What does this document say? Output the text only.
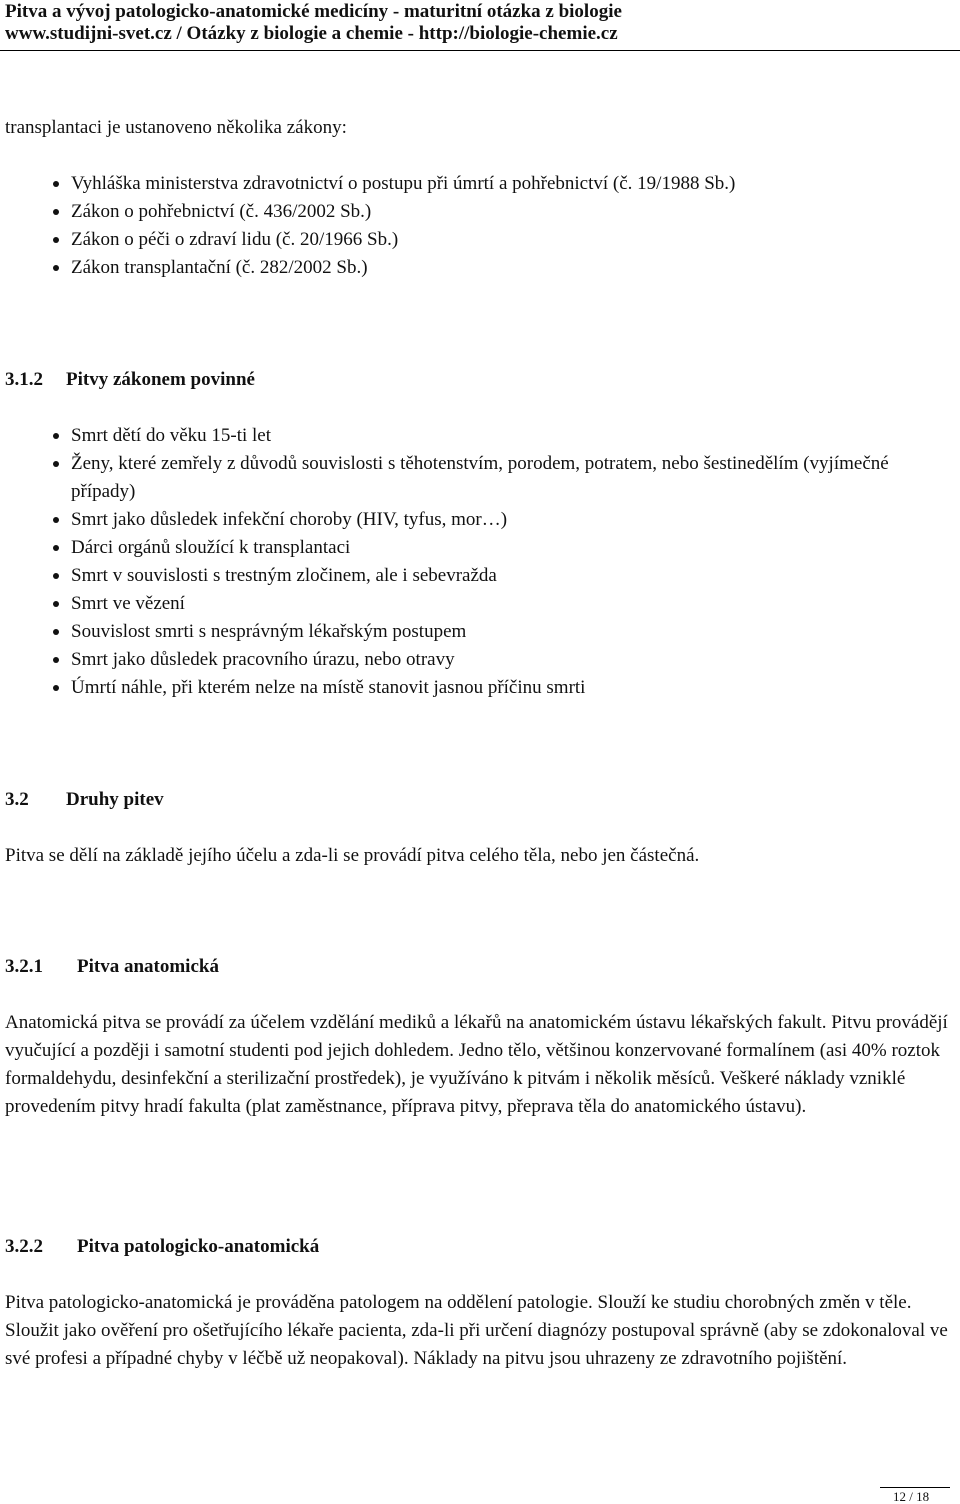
Pitva a vývoj patologicko-anatomické medicíny - maturitní otázka z biologie
www.studijni-svet.cz / Otázky z biologie a chemie - http://biologie-chemie.cz

transplantaci je ustanoveno několika zákony:

Vyhláška ministerstva zdravotnictví o postupu při úmrtí a pohřebnictví (č. 19/1988 Sb.)
Zákon o pohřebnictví (č. 436/2002 Sb.)
Zákon o péči o zdraví lidu (č. 20/1966 Sb.)
Zákon transplantační (č. 282/2002 Sb.)
3.1.2 Pitvy zákonem povinné
Smrt dětí do věku 15-ti let
Ženy, které zemřely z důvodů souvislosti s těhotenstvím, porodem, potratem, nebo šestinedělím (vyjímečné případy)
Smrt jako důsledek infekční choroby (HIV, tyfus, mor…)
Dárci orgánů sloužící k transplantaci
Smrt v souvislosti s trestným zločinem, ale i sebevražda
Smrt ve vězení
Souvislost smrti s nesprávným lékařským postupem
Smrt jako důsledek pracovního úrazu, nebo otravy
Úmrtí náhle, při kterém nelze na místě stanovit jasnou příčinu smrti
3.2 Druhy pitev

Pitva se dělí na základě jejího účelu a zda-li se provádí pitva celého těla, nebo jen částečná.

3.2.1 Pitva anatomická

Anatomická pitva se provádí za účelem vzdělání mediků a lékařů na anatomickém ústavu lékařských fakult. Pitvu provádějí vyučující a později i samotní studenti pod jejich dohledem. Jedno tělo, většinou konzervované formalínem (asi 40% roztok formaldehydu, desinfekční a sterilizační prostředek), je využíváno k pitvám i několik měsíců. Veškeré náklady vzniklé provedením pitvy hradí fakulta (plat zaměstnance, příprava pitvy, přeprava těla do anatomického ústavu).

3.2.2 Pitva patologicko-anatomická

Pitva patologicko-anatomická je prováděna patologem na oddělení patologie. Slouží ke studiu chorobných změn v těle. Sloužit jako ověření pro ošetřujícího lékaře pacienta, zda-li při určení diagnózy postupoval správně (aby se zdokonaloval ve své profesi a případné chyby v léčbě už neopakoval). Náklady na pitvu jsou uhrazeny ze zdravotního pojištění.

12 / 18
